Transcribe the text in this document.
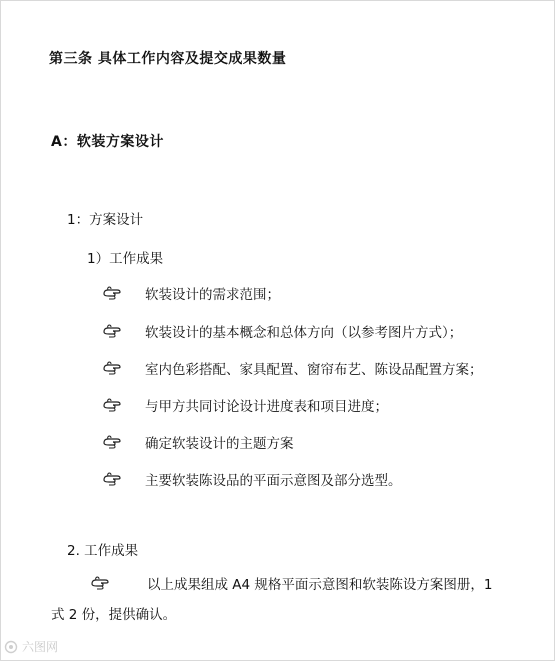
第三条 具体工作内容及提交成果数量
A：软装方案设计
1：方案设计
1）工作成果
软装设计的需求范围；
软装设计的基本概念和总体方向（以参考图片方式）；
室内色彩搭配、家具配置、窗帘布艺、陈设品配置方案；
与甲方共同讨论设计进度表和项目进度；
确定软装设计的主题方案
主要软装陈设品的平面示意图及部分选型。
2. 工作成果
以上成果组成 A4 规格平面示意图和软装陈设方案图册，1
式 2 份，提供确认。
六图网
